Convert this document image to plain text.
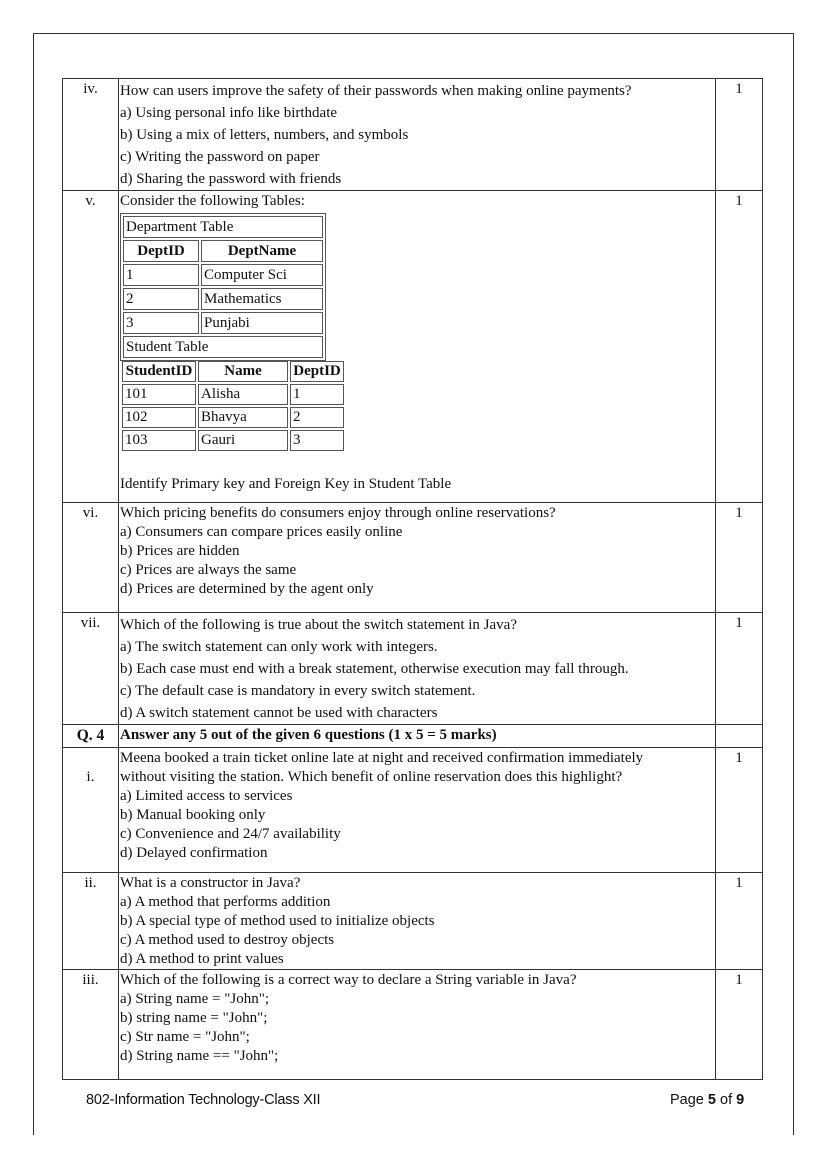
iv.	How can users improve the safety of their passwords when making online payments?
a) Using personal info like birthdate
b) Using a mix of letters, numbers, and symbols
c) Writing the password on paper
d) Sharing the password with friends
	1
v.	Consider the following Tables:
Department Table
DeptID	DeptName
1	Computer Sci
2	Mathematics
3	Punjabi
Student Table
StudentID	Name	DeptID
101	Alisha	1
102	Bhavya	2
103	Gauri	3
Identify Primary key and Foreign Key in Student Table
	1
vi.	Which pricing benefits do consumers enjoy through online reservations?
a) Consumers can compare prices easily online
b) Prices are hidden
c) Prices are always the same
d) Prices are determined by the agent only
	1
vii.	Which of the following is true about the switch statement in Java?
a) The switch statement can only work with integers.
b) Each case must end with a break statement, otherwise execution may fall through.
c) The default case is mandatory in every switch statement.
d) A switch statement cannot be used with characters
	1
Q. 4	Answer any 5 out of the given 6 questions (1 x 5 = 5 marks)	
i.	
Meena booked a train ticket online late at night and received confirmation immediately
without visiting the station. Which benefit of online reservation does this highlight?
a) Limited access to services
b) Manual booking only
c) Convenience and 24/7 availability
d) Delayed confirmation
	1
ii.	What is a constructor in Java?
a) A method that performs addition
b) A special type of method used to initialize objects
c) A method used to destroy objects
d) A method to print values
	1
iii.	Which of the following is a correct way to declare a String variable in Java?
a) String name = "John";
b) string name = "John";
c) Str name = "John";
d) String name == "John";
	1
802-Information Technology-Class XII	Page 5 of 9
